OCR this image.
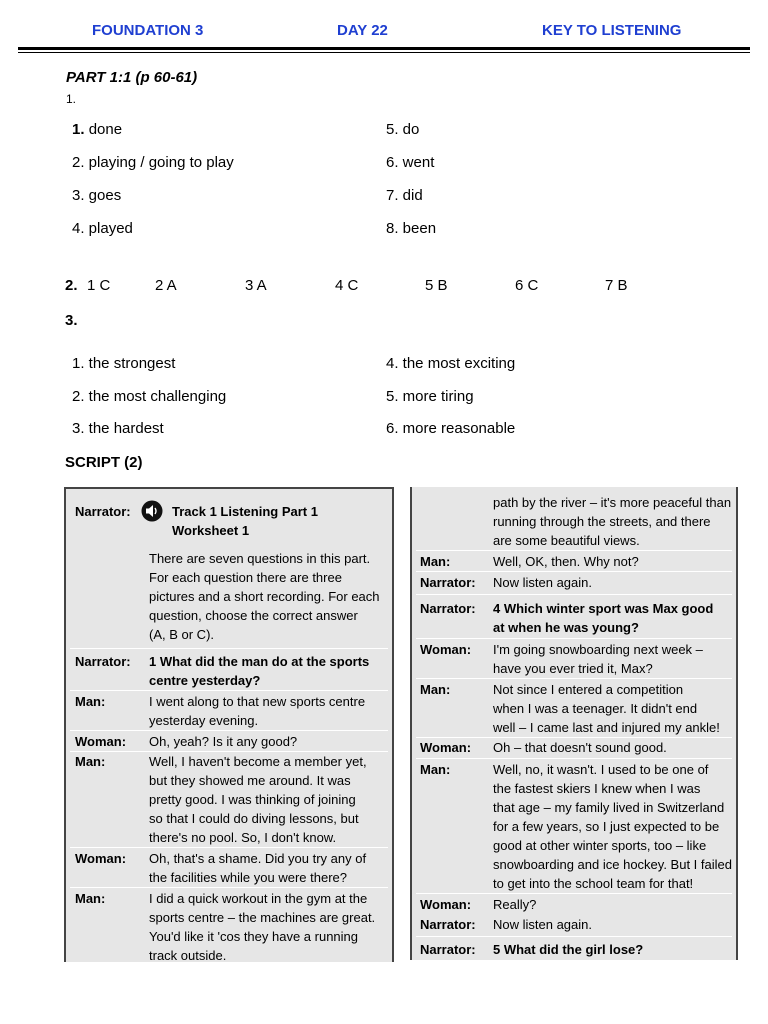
FOUNDATION 3	DAY 22	KEY TO LISTENING
PART 1:1 (p 60-61)
1.
1. done
2. playing / going to play
3. goes
4. played
5. do
6. went
7. did
8. been
2. 1 C	2 A	3 A	4 C	5 B	6 C	7 B
3.
1. the strongest
2. the most challenging
3. the hardest
4. the most exciting
5. more tiring
6. more reasonable
SCRIPT (2)
Narrator:	Track 1 Listening Part 1
Worksheet 1
There are seven questions in this part.
For each question there are three
pictures and a short recording. For each
question, choose the correct answer
(A, B or C).
Narrator: 1 What did the man do at the sports
centre yesterday?
Man:	I went along to that new sports centre
yesterday evening.
Woman: Oh, yeah? Is it any good?
Man:	Well, I haven't become a member yet,
but they showed me around. It was
pretty good. I was thinking of joining
so that I could do diving lessons, but
there's no pool. So, I don't know.
Woman: Oh, that's a shame. Did you try any of
the facilities while you were there?
Man:	I did a quick workout in the gym at the
sports centre – the machines are great.
You'd like it 'cos they have a running
track outside.
path by the river – it's more peaceful than
running through the streets, and there
are some beautiful views.
Man:	Well, OK, then. Why not?
Narrator: Now listen again.
Narrator: 4 Which winter sport was Max good
at when he was young?
Woman: I'm going snowboarding next week –
have you ever tried it, Max?
Man:	Not since I entered a competition
when I was a teenager. It didn't end
well – I came last and injured my ankle!
Woman: Oh – that doesn't sound good.
Man:	Well, no, it wasn't. I used to be one of
the fastest skiers I knew when I was
that age – my family lived in Switzerland
for a few years, so I just expected to be
good at other winter sports, too – like
snowboarding and ice hockey. But I failed
to get into the school team for that!
Woman: Really?
Narrator: Now listen again.
Narrator: 5 What did the girl lose?
